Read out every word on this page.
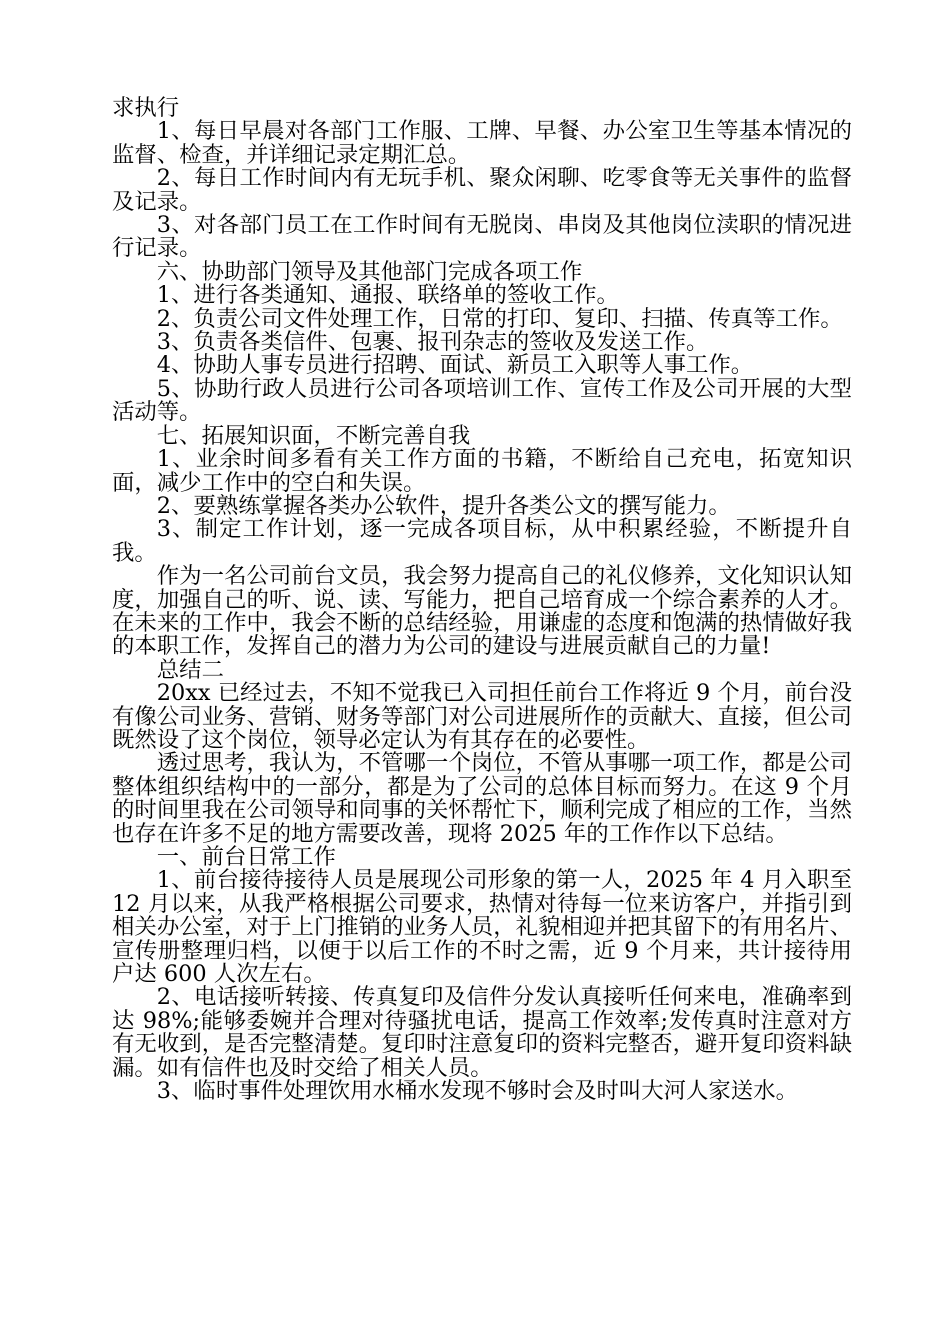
求执行

1、每日早晨对各部门工作服、工牌、早餐、办公室卫生等基本情况的监督、检查，并详细记录定期汇总。

2、每日工作时间内有无玩手机、聚众闲聊、吃零食等无关事件的监督及记录。

3、对各部门员工在工作时间有无脱岗、串岗及其他岗位渎职的情况进行记录。

六、协助部门领导及其他部门完成各项工作

1、进行各类通知、通报、联络单的签收工作。

2、负责公司文件处理工作，日常的打印、复印、扫描、传真等工作。

3、负责各类信件、包裹、报刊杂志的签收及发送工作。

4、协助人事专员进行招聘、面试、新员工入职等人事工作。

5、协助行政人员进行公司各项培训工作、宣传工作及公司开展的大型活动等。

七、拓展知识面，不断完善自我

1、业余时间多看有关工作方面的书籍，不断给自己充电，拓宽知识面，减少工作中的空白和失误。

2、要熟练掌握各类办公软件，提升各类公文的撰写能力。

3、制定工作计划，逐一完成各项目标，从中积累经验，不断提升自我。

作为一名公司前台文员，我会努力提高自己的礼仪修养，文化知识认知度，加强自己的听、说、读、写能力，把自己培育成一个综合素养的人才。在未来的工作中，我会不断的总结经验，用谦虚的态度和饱满的热情做好我的本职工作，发挥自己的潜力为公司的建设与进展贡献自己的力量!

总结二

20xx 已经过去，不知不觉我已入司担任前台工作将近 9 个月，前台没有像公司业务、营销、财务等部门对公司进展所作的贡献大、直接，但公司既然设了这个岗位，领导必定认为有其存在的必要性。

透过思考，我认为，不管哪一个岗位，不管从事哪一项工作，都是公司整体组织结构中的一部分，都是为了公司的总体目标而努力。在这 9 个月的时间里我在公司领导和同事的关怀帮忙下，顺利完成了相应的工作，当然也存在许多不足的地方需要改善，现将 2025 年的工作作以下总结。

一、前台日常工作

1、前台接待接待人员是展现公司形象的第一人，2025 年 4 月入职至 12 月以来，从我严格根据公司要求，热情对待每一位来访客户，并指引到相关办公室，对于上门推销的业务人员，礼貌相迎并把其留下的有用名片、宣传册整理归档，以便于以后工作的不时之需，近 9 个月来，共计接待用户达 600 人次左右。

2、电话接听转接、传真复印及信件分发认真接听任何来电，准确率到达 98%;能够委婉并合理对待骚扰电话，提高工作效率;发传真时注意对方有无收到，是否完整清楚。复印时注意复印的资料完整否，避开复印资料缺漏。如有信件也及时交给了相关人员。

3、临时事件处理饮用水桶水发现不够时会及时叫大河人家送水。
